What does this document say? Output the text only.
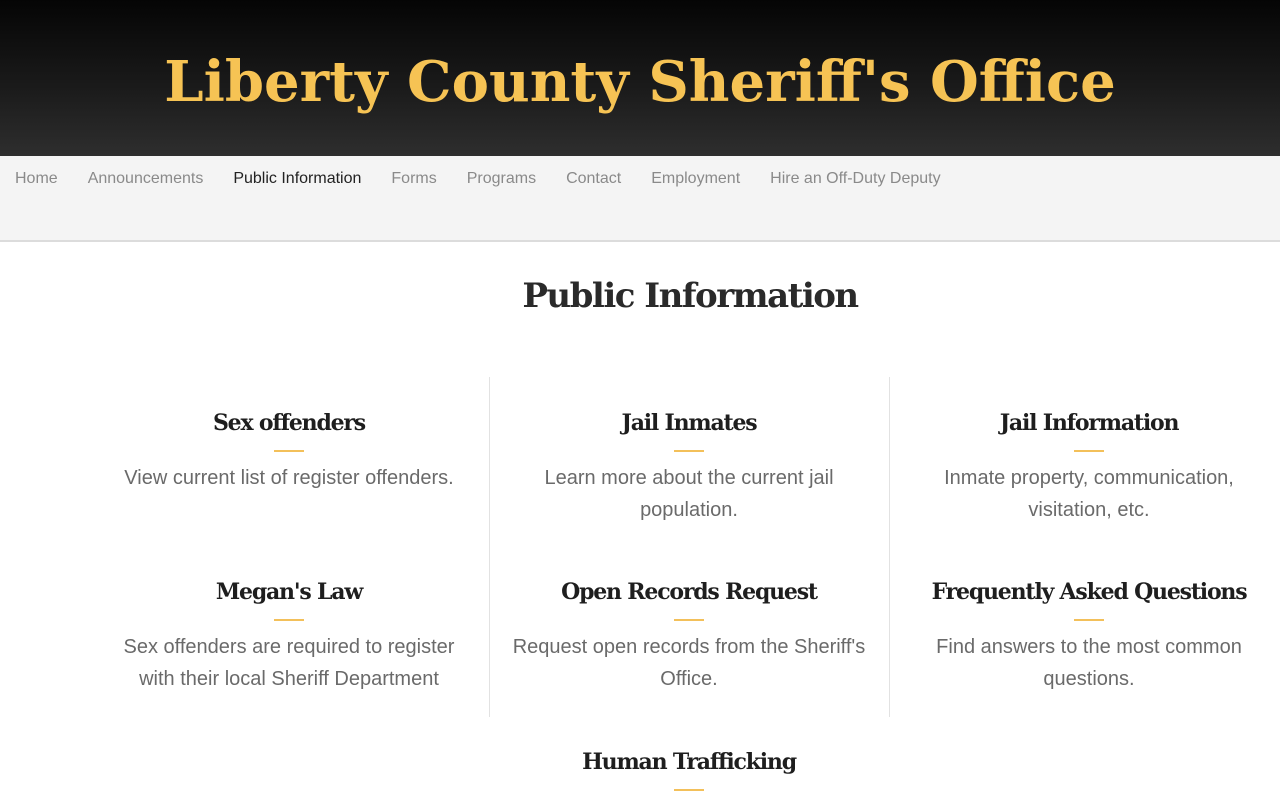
Liberty County Sheriff's Office
Home Announcements Public Information Forms Programs Contact Employment Hire an Off-Duty Deputy
Public Information
Sex offenders

View current list of register offenders.

Jail Inmates

Learn more about the current jail population.

Jail Information

Inmate property, communication, visitation, etc.

Megan's Law

Sex offenders are required to register with their local Sheriff Department

Open Records Request

Request open records from the Sheriff's Office.

Frequently Asked Questions

Find answers to the most common questions.

Human Trafficking
